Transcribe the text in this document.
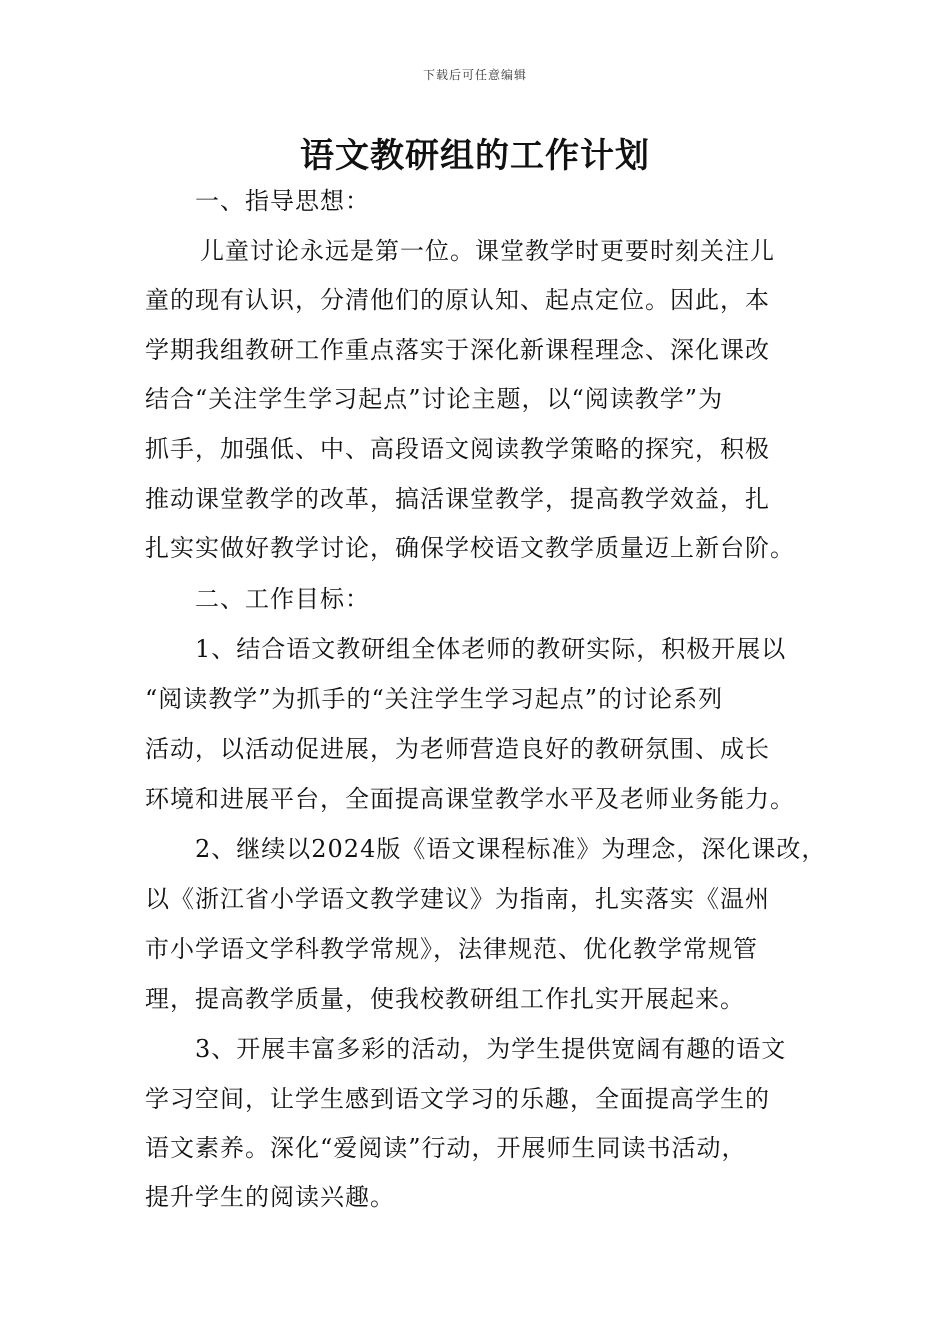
下载后可任意编辑
语文教研组的工作计划
一、指导思想：
儿童讨论永远是第一位。课堂教学时更要时刻关注儿
童的现有认识，分清他们的原认知、起点定位。因此，本
学期我组教研工作重点落实于深化新课程理念、深化课改
结合“关注学生学习起点”讨论主题，以“阅读教学”为
抓手，加强低、中、高段语文阅读教学策略的探究，积极
推动课堂教学的改革，搞活课堂教学，提高教学效益，扎
扎实实做好教学讨论，确保学校语文教学质量迈上新台阶。
二、工作目标：
1、结合语文教研组全体老师的教研实际，积极开展以
“阅读教学”为抓手的“关注学生学习起点”的讨论系列
活动，以活动促进展，为老师营造良好的教研氛围、成长
环境和进展平台，全面提高课堂教学水平及老师业务能力。
2、继续以2024版《语文课程标准》为理念，深化课改，
以《浙江省小学语文教学建议》为指南，扎实落实《温州
市小学语文学科教学常规》，法律规范、优化教学常规管
理，提高教学质量，使我校教研组工作扎实开展起来。
3、开展丰富多彩的活动，为学生提供宽阔有趣的语文
学习空间，让学生感到语文学习的乐趣，全面提高学生的
语文素养。深化“爱阅读”行动，开展师生同读书活动，
提升学生的阅读兴趣。
